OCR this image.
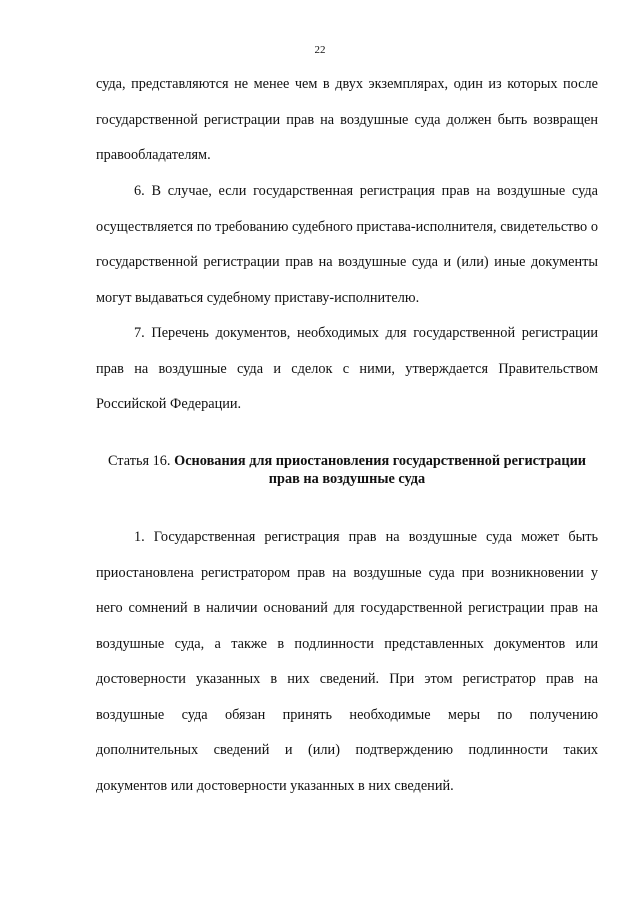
22

суда, представляются не менее чем в двух экземплярах, один из которых после государственной регистрации прав на воздушные суда должен быть возвращен правообладателям.

6. В случае, если государственная регистрация прав на воздушные суда осуществляется по требованию судебного пристава-исполнителя, свидетельство о государственной регистрации прав на воздушные суда и (или) иные документы могут выдаваться судебному приставу-исполнителю.

7. Перечень документов, необходимых для государственной регистрации прав на воздушные суда и сделок с ними, утверждается Правительством Российской Федерации.

Статья 16. Основания для приостановления государственной регистрации прав на воздушные суда

1. Государственная регистрация прав на воздушные суда может быть приостановлена регистратором прав на воздушные суда при возникновении у него сомнений в наличии оснований для государственной регистрации прав на воздушные суда, а также в подлинности представленных документов или достоверности указанных в них сведений. При этом регистратор прав на воздушные суда обязан принять необходимые меры по получению дополнительных сведений и (или) подтверждению подлинности таких документов или достоверности указанных в них сведений.
